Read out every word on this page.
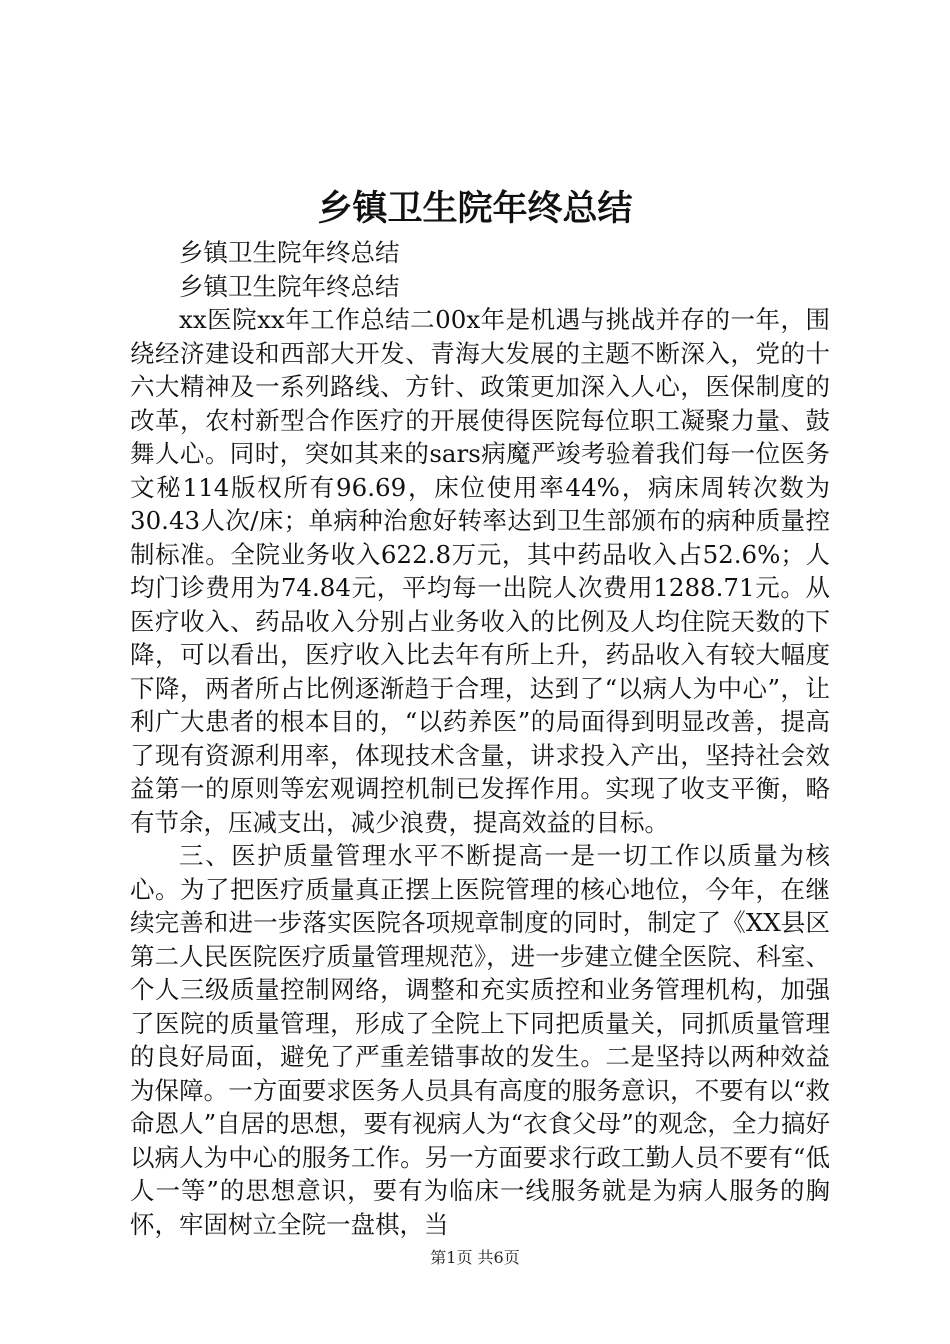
乡镇卫生院年终总结

乡镇卫生院年终总结

乡镇卫生院年终总结

xx医院xx年工作总结二00x年是机遇与挑战并存的一年，围绕经济建设和西部大开发、青海大发展的主题不断深入，党的十六大精神及一系列路线、方针、政策更加深入人心，医保制度的改革，农村新型合作医疗的开展使得医院每位职工凝聚力量、鼓舞人心。同时，突如其来的sars病魔严竣考验着我们每一位医务文秘114版权所有96.69，床位使用率44%，病床周转次数为30.43人次/床；单病种治愈好转率达到卫生部颁布的病种质量控制标准。全院业务收入622.8万元，其中药品收入占52.6%；人均门诊费用为74.84元，平均每一出院人次费用1288.71元。从医疗收入、药品收入分别占业务收入的比例及人均住院天数的下降，可以看出，医疗收入比去年有所上升，药品收入有较大幅度下降，两者所占比例逐渐趋于合理，达到了“以病人为中心”，让利广大患者的根本目的，“以药养医”的局面得到明显改善，提高了现有资源利用率，体现技术含量，讲求投入产出，坚持社会效益第一的原则等宏观调控机制已发挥作用。实现了收支平衡，略有节余，压减支出，减少浪费，提高效益的目标。

三、医护质量管理水平不断提高一是一切工作以质量为核心。为了把医疗质量真正摆上医院管理的核心地位，今年，在继续完善和进一步落实医院各项规章制度的同时，制定了《XX县区第二人民医院医疗质量管理规范》，进一步建立健全医院、科室、个人三级质量控制网络，调整和充实质控和业务管理机构，加强了医院的质量管理，形成了全院上下同把质量关，同抓质量管理的良好局面，避免了严重差错事故的发生。二是坚持以两种效益为保障。一方面要求医务人员具有高度的服务意识，不要有以“救命恩人”自居的思想，要有视病人为“衣食父母”的观念，全力搞好以病人为中心的服务工作。另一方面要求行政工勤人员不要有“低人一等”的思想意识，要有为临床一线服务就是为病人服务的胸怀，牢固树立全院一盘棋，当

第1页 共6页
